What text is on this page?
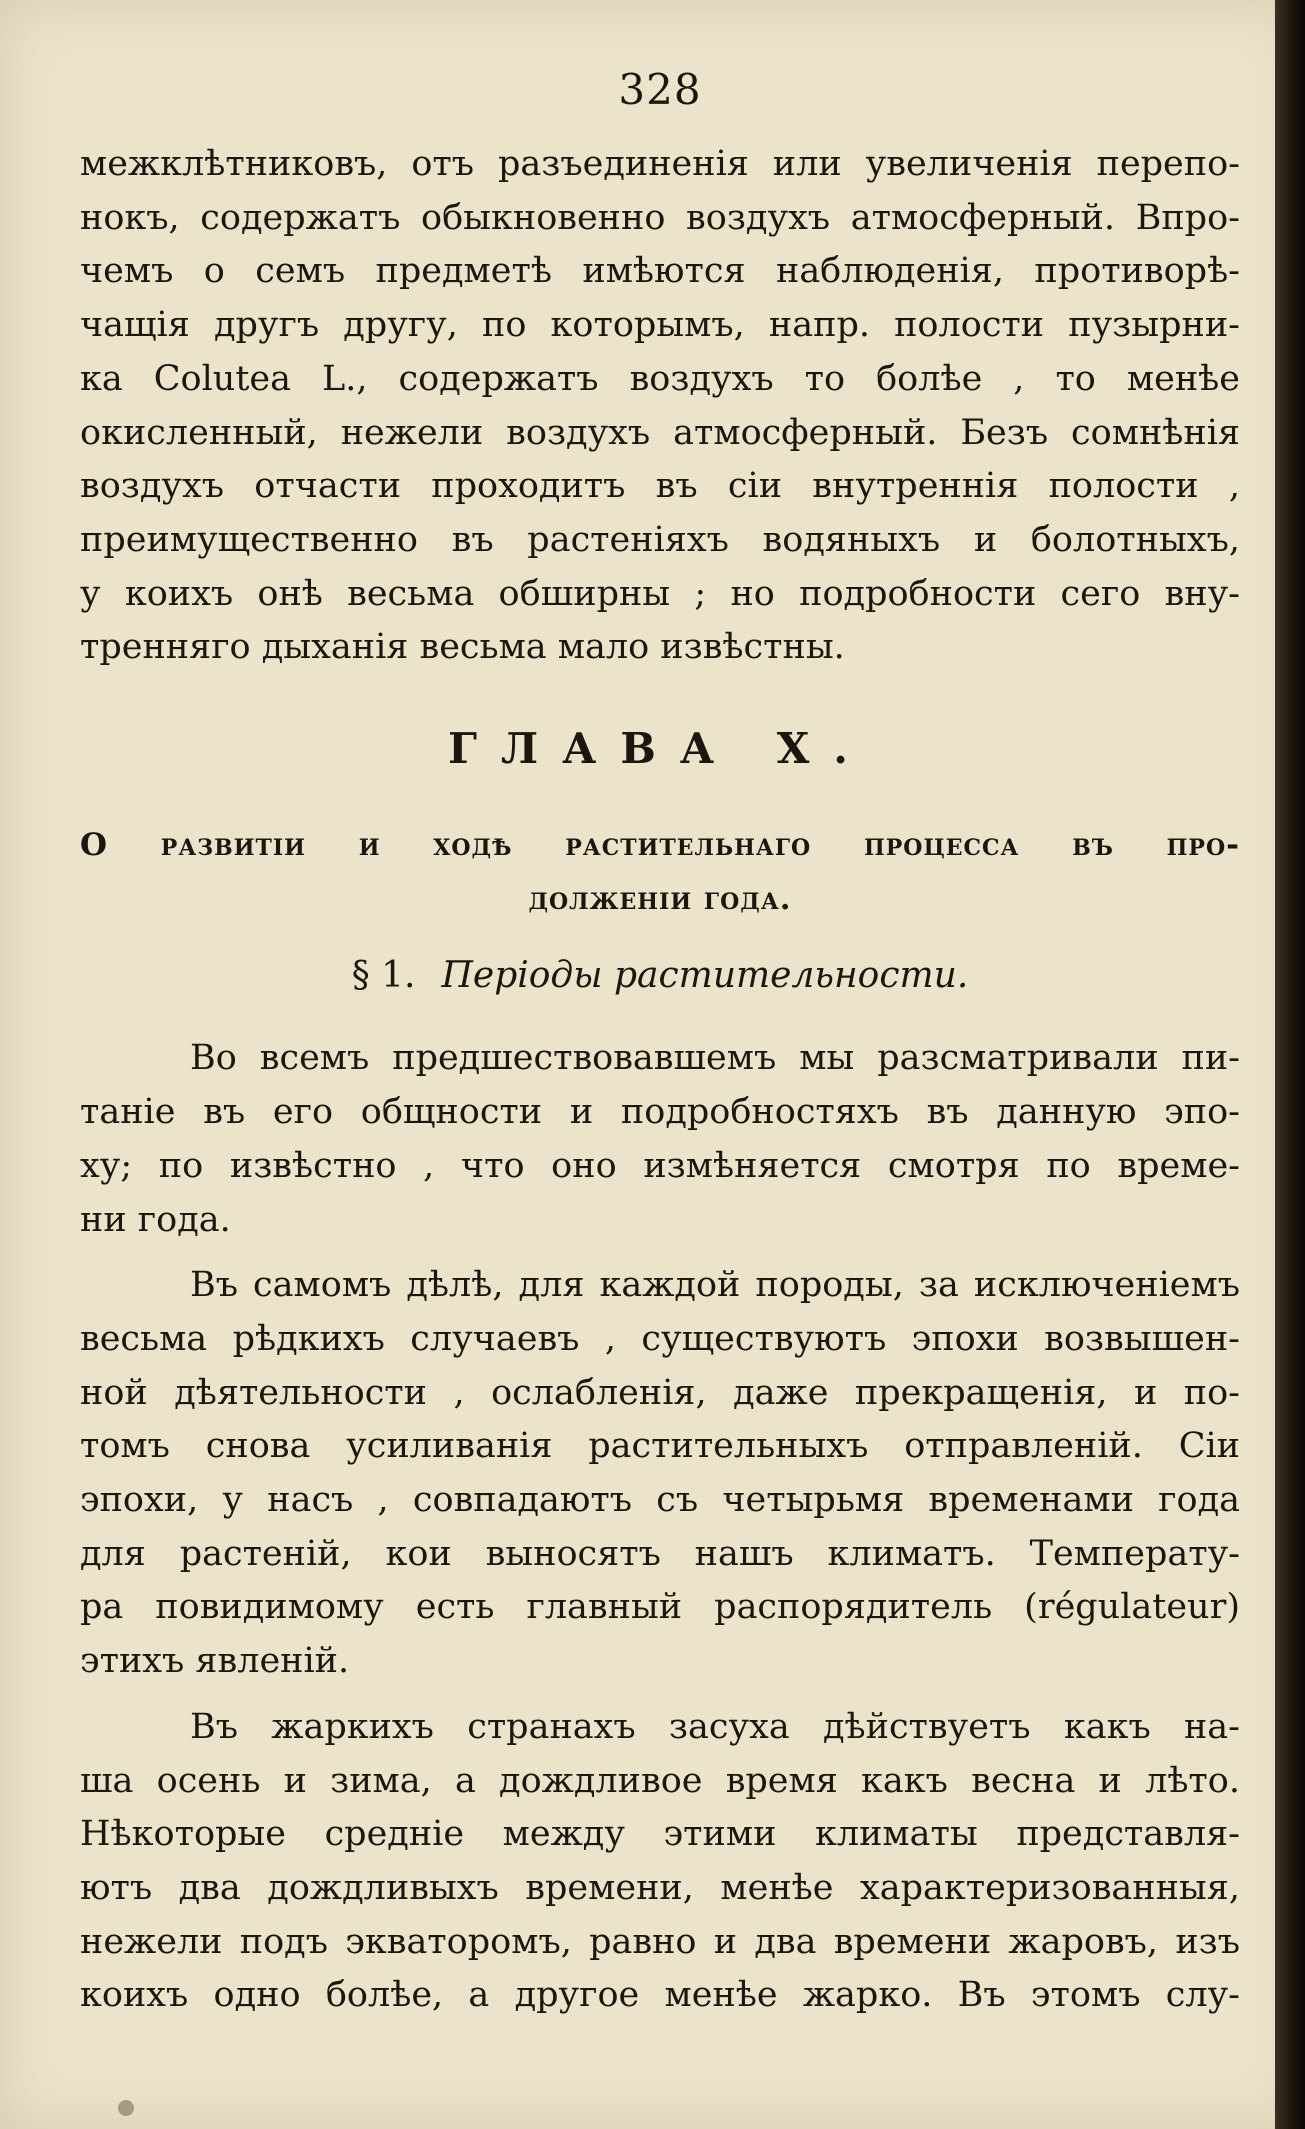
328
межклѣтниковъ, отъ разъединенія или увеличенія перепо-
нокъ, содержатъ обыкновенно воздухъ атмосферный. Впро-
чемъ о семъ предметѣ имѣются наблюденія, противорѣ-
чащія другъ другу, по которымъ, напр. полости пузырни-
ка Colutea L., содержатъ воздухъ то болѣе , то менѣе
окисленный, нежели воздухъ атмосферный. Безъ сомнѣнія
воздухъ отчасти проходитъ въ сіи внутреннія полости ,
преимущественно въ растеніяхъ водяныхъ и болотныхъ,
у коихъ онѣ весьма обширны ; но подробности сего вну-
тренняго дыханія весьма мало извѣстны.
ГЛАВА X.
О развитіи и ходѣ растительнаго процесса въ про-
долженіи года.
§ 1. Періоды растительности.
Во всемъ предшествовавшемъ мы разсматривали пи-
таніе въ его общности и подробностяхъ въ данную эпо-
ху; по извѣстно , что оно измѣняется смотря по време-
ни года.
Въ самомъ дѣлѣ, для каждой породы, за исключеніемъ
весьма рѣдкихъ случаевъ , существуютъ эпохи возвышен-
ной дѣятельности , ослабленія, даже прекращенія, и по-
томъ снова усиливанія растительныхъ отправленій. Сіи
эпохи, у насъ , совпадаютъ съ четырьмя временами года
для растеній, кои выносятъ нашъ климатъ. Температу-
ра повидимому есть главный распорядитель (régulateur)
этихъ явленій.
Въ жаркихъ странахъ засуха дѣйствуетъ какъ на-
ша осень и зима, а дождливое время какъ весна и лѣто.
Нѣкоторые средніе между этими климаты представля-
ютъ два дождливыхъ времени, менѣе характеризованныя,
нежели подъ экваторомъ, равно и два времени жаровъ, изъ
коихъ одно болѣе, а другое менѣе жарко. Въ этомъ слу-
